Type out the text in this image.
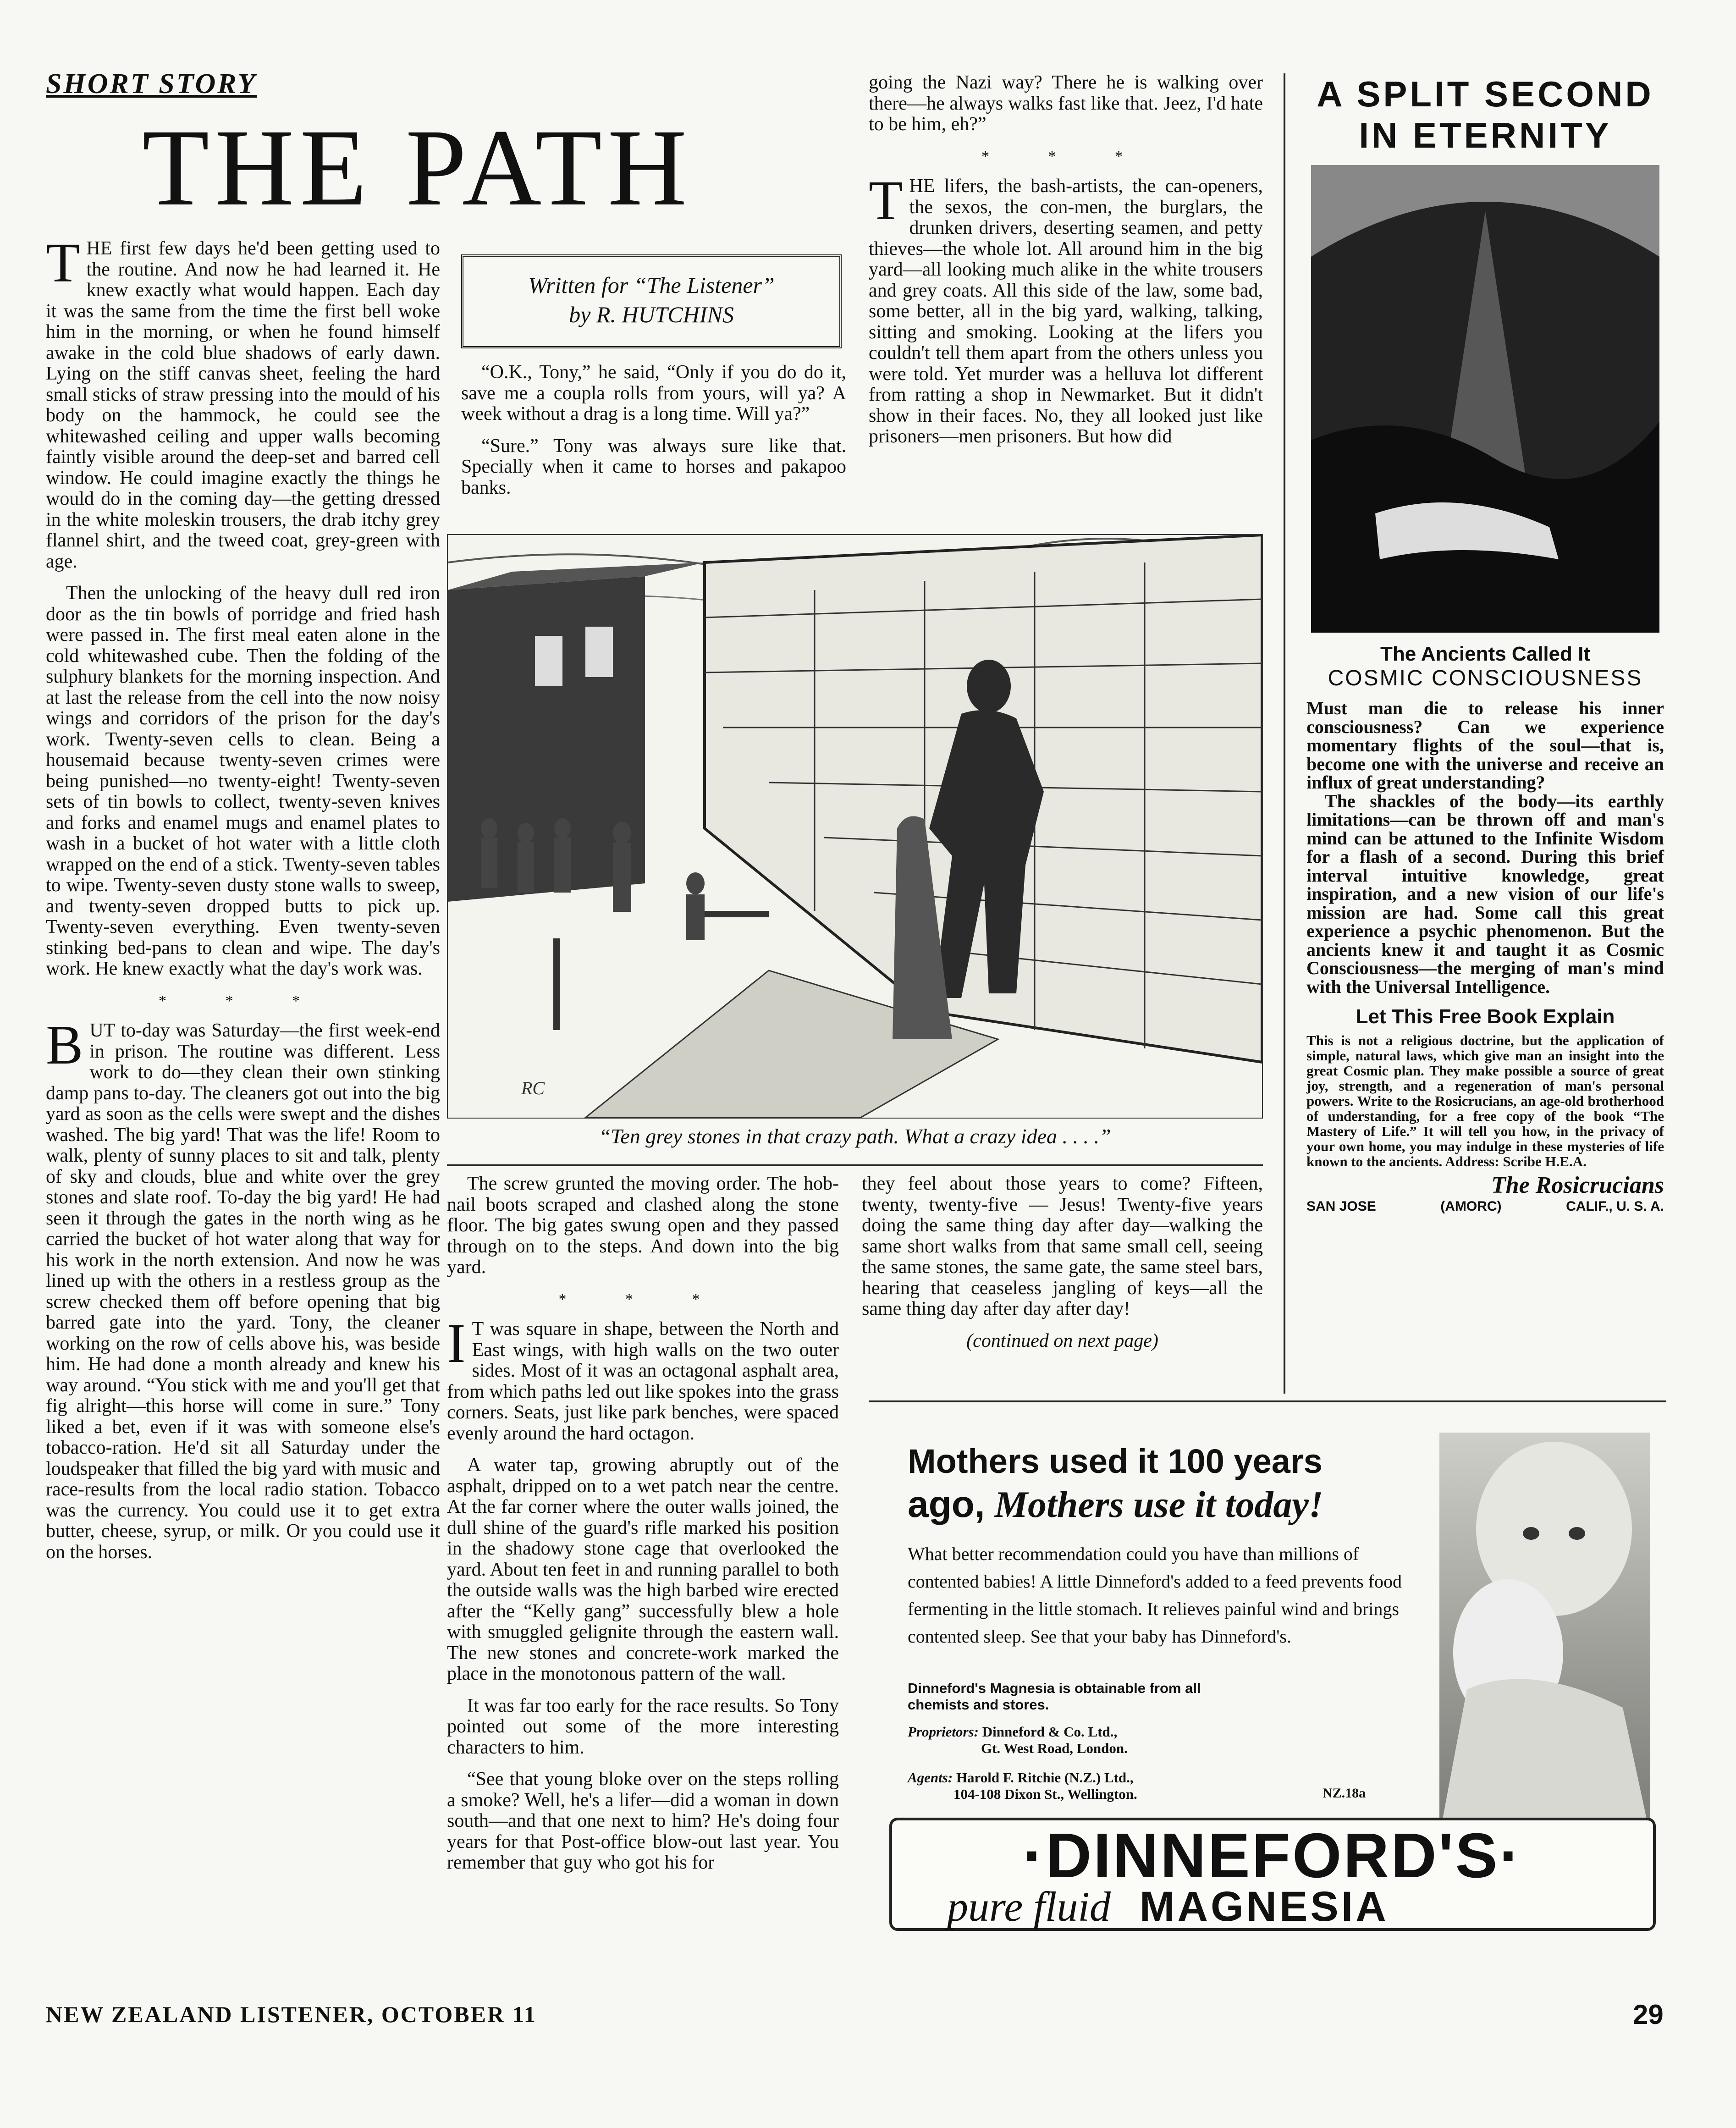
SHORT STORY
THE PATH
Written for “The Listener”
by R. HUTCHINS

THE first few days he'd been getting used to the routine. And now he had learned it. He knew exactly what would happen. Each day it was the same from the time the first bell woke him in the morning, or when he found himself awake in the cold blue shadows of early dawn. Lying on the stiff canvas sheet, feeling the hard small sticks of straw pressing into the mould of his body on the hammock, he could see the whitewashed ceiling and upper walls becoming faintly visible around the deep-set and barred cell window. He could imagine exactly the things he would do in the coming day—the getting dressed in the white moleskin trousers, the drab itchy grey flannel shirt, and the tweed coat, grey-green with age.

Then the unlocking of the heavy dull red iron door as the tin bowls of porridge and fried hash were passed in. The first meal eaten alone in the cold whitewashed cube. Then the folding of the sulphury blankets for the morning inspection. And at last the release from the cell into the now noisy wings and corridors of the prison for the day's work. Twenty-seven cells to clean. Being a housemaid because twenty-seven crimes were being punished—no twenty-eight! Twenty-seven sets of tin bowls to collect, twenty-seven knives and forks and enamel mugs and enamel plates to wash in a bucket of hot water with a little cloth wrapped on the end of a stick. Twenty-seven tables to wipe. Twenty-seven dusty stone walls to sweep, and twenty-seven dropped butts to pick up. Twenty-seven everything. Even twenty-seven stinking bed-pans to clean and wipe. The day's work. He knew exactly what the day's work was.

* * *

BUT to-day was Saturday—the first week-end in prison. The routine was different. Less work to do—they clean their own stinking damp pans to-day. The cleaners got out into the big yard as soon as the cells were swept and the dishes washed. The big yard! That was the life! Room to walk, plenty of sunny places to sit and talk, plenty of sky and clouds, blue and white over the grey stones and slate roof. To-day the big yard! He had seen it through the gates in the north wing as he carried the bucket of hot water along that way for his work in the north extension. And now he was lined up with the others in a restless group as the screw checked them off before opening that big barred gate into the yard. Tony, the cleaner working on the row of cells above his, was beside him. He had done a month already and knew his way around. “You stick with me and you'll get that fig alright—this horse will come in sure.” Tony liked a bet, even if it was with someone else's tobacco-ration. He'd sit all Saturday under the loudspeaker that filled the big yard with music and race-results from the local radio station. Tobacco was the currency. You could use it to get extra butter, cheese, syrup, or milk. Or you could use it on the horses.

“O.K., Tony,” he said, “Only if you do do it, save me a coupla rolls from yours, will ya? A week without a drag is a long time. Will ya?”

“Sure.” Tony was always sure like that. Specially when it came to horses and pakapoo banks.

going the Nazi way? There he is walking over there—he always walks fast like that. Jeez, I'd hate to be him, eh?”

* * *

THE lifers, the bash-artists, the can-openers, the sexos, the con-men, the burglars, the drunken drivers, deserting seamen, and petty thieves—the whole lot. All around him in the big yard—all looking much alike in the white trousers and grey coats. All this side of the law, some bad, some better, all in the big yard, walking, talking, sitting and smoking. Looking at the lifers you couldn't tell them apart from the others unless you were told. Yet murder was a helluva lot different from ratting a shop in Newmarket. But it didn't show in their faces. No, they all looked just like prisoners—men prisoners. But how did

RC
“Ten grey stones in that crazy path. What a crazy idea . . . .”

The screw grunted the moving order. The hob-nail boots scraped and clashed along the stone floor. The big gates swung open and they passed through on to the steps. And down into the big yard.

* * *

I T was square in shape, between the North and East wings, with high walls on the two outer sides. Most of it was an octagonal asphalt area, from which paths led out like spokes into the grass corners. Seats, just like park benches, were spaced evenly around the hard octagon.

A water tap, growing abruptly out of the asphalt, dripped on to a wet patch near the centre. At the far corner where the outer walls joined, the dull shine of the guard's rifle marked his position in the shadowy stone cage that overlooked the yard. About ten feet in and running parallel to both the outside walls was the high barbed wire erected after the “Kelly gang” successfully blew a hole with smuggled gelignite through the eastern wall. The new stones and concrete-work marked the place in the monotonous pattern of the wall.

It was far too early for the race results. So Tony pointed out some of the more interesting characters to him.

“See that young bloke over on the steps rolling a smoke? Well, he's a lifer—did a woman in down south—and that one next to him? He's doing four years for that Post-office blow-out last year. You remember that guy who got his for

they feel about those years to come? Fifteen, twenty, twenty-five — Jesus! Twenty-five years doing the same thing day after day—walking the same short walks from that same small cell, seeing the same stones, the same gate, the same steel bars, hearing that ceaseless jangling of keys—all the same thing day after day after day!

(continued on next page)

A SPLIT SECOND
IN ETERNITY
The Ancients Called It
COSMIC CONSCIOUSNESS
Must man die to release his inner consciousness? Can we experience momentary flights of the soul—that is, become one with the universe and receive an influx of great understanding?
The shackles of the body—its earthly limitations—can be thrown off and man's mind can be attuned to the Infinite Wisdom for a flash of a second. During this brief interval intuitive knowledge, great inspiration, and a new vision of our life's mission are had. Some call this great experience a psychic phenomenon. But the ancients knew it and taught it as Cosmic Consciousness—the merging of man's mind with the Universal Intelligence.
Let This Free Book Explain
This is not a religious doctrine, but the application of simple, natural laws, which give man an insight into the great Cosmic plan. They make possible a source of great joy, strength, and a regeneration of man's personal powers. Write to the Rosicrucians, an age-old brotherhood of understanding, for a free copy of the book “The Mastery of Life.” It will tell you how, in the privacy of your own home, you may indulge in these mysteries of life known to the ancients. Address: Scribe H.E.A.
The Rosicrucians
SAN JOSE	(AMORC)	CALIF., U. S. A.
Mothers used it 100 years
ago, Mothers use it today!
What better recommendation could you have than millions of contented babies! A little Dinneford's added to a feed prevents food fermenting in the little stomach. It relieves painful wind and brings contented sleep. See that your baby has Dinneford's.
Dinneford's Magnesia is obtainable from all chemists and stores.
Proprietors: Dinneford & Co. Ltd.,
Gt. West Road, London.
Agents: Harold F. Ritchie (N.Z.) Ltd.,
104-108 Dixon St., Wellington.	NZ.18a
·DINNEFORD'S·
pure fluid MAGNESIA
NEW ZEALAND LISTENER, OCTOBER 11	29
